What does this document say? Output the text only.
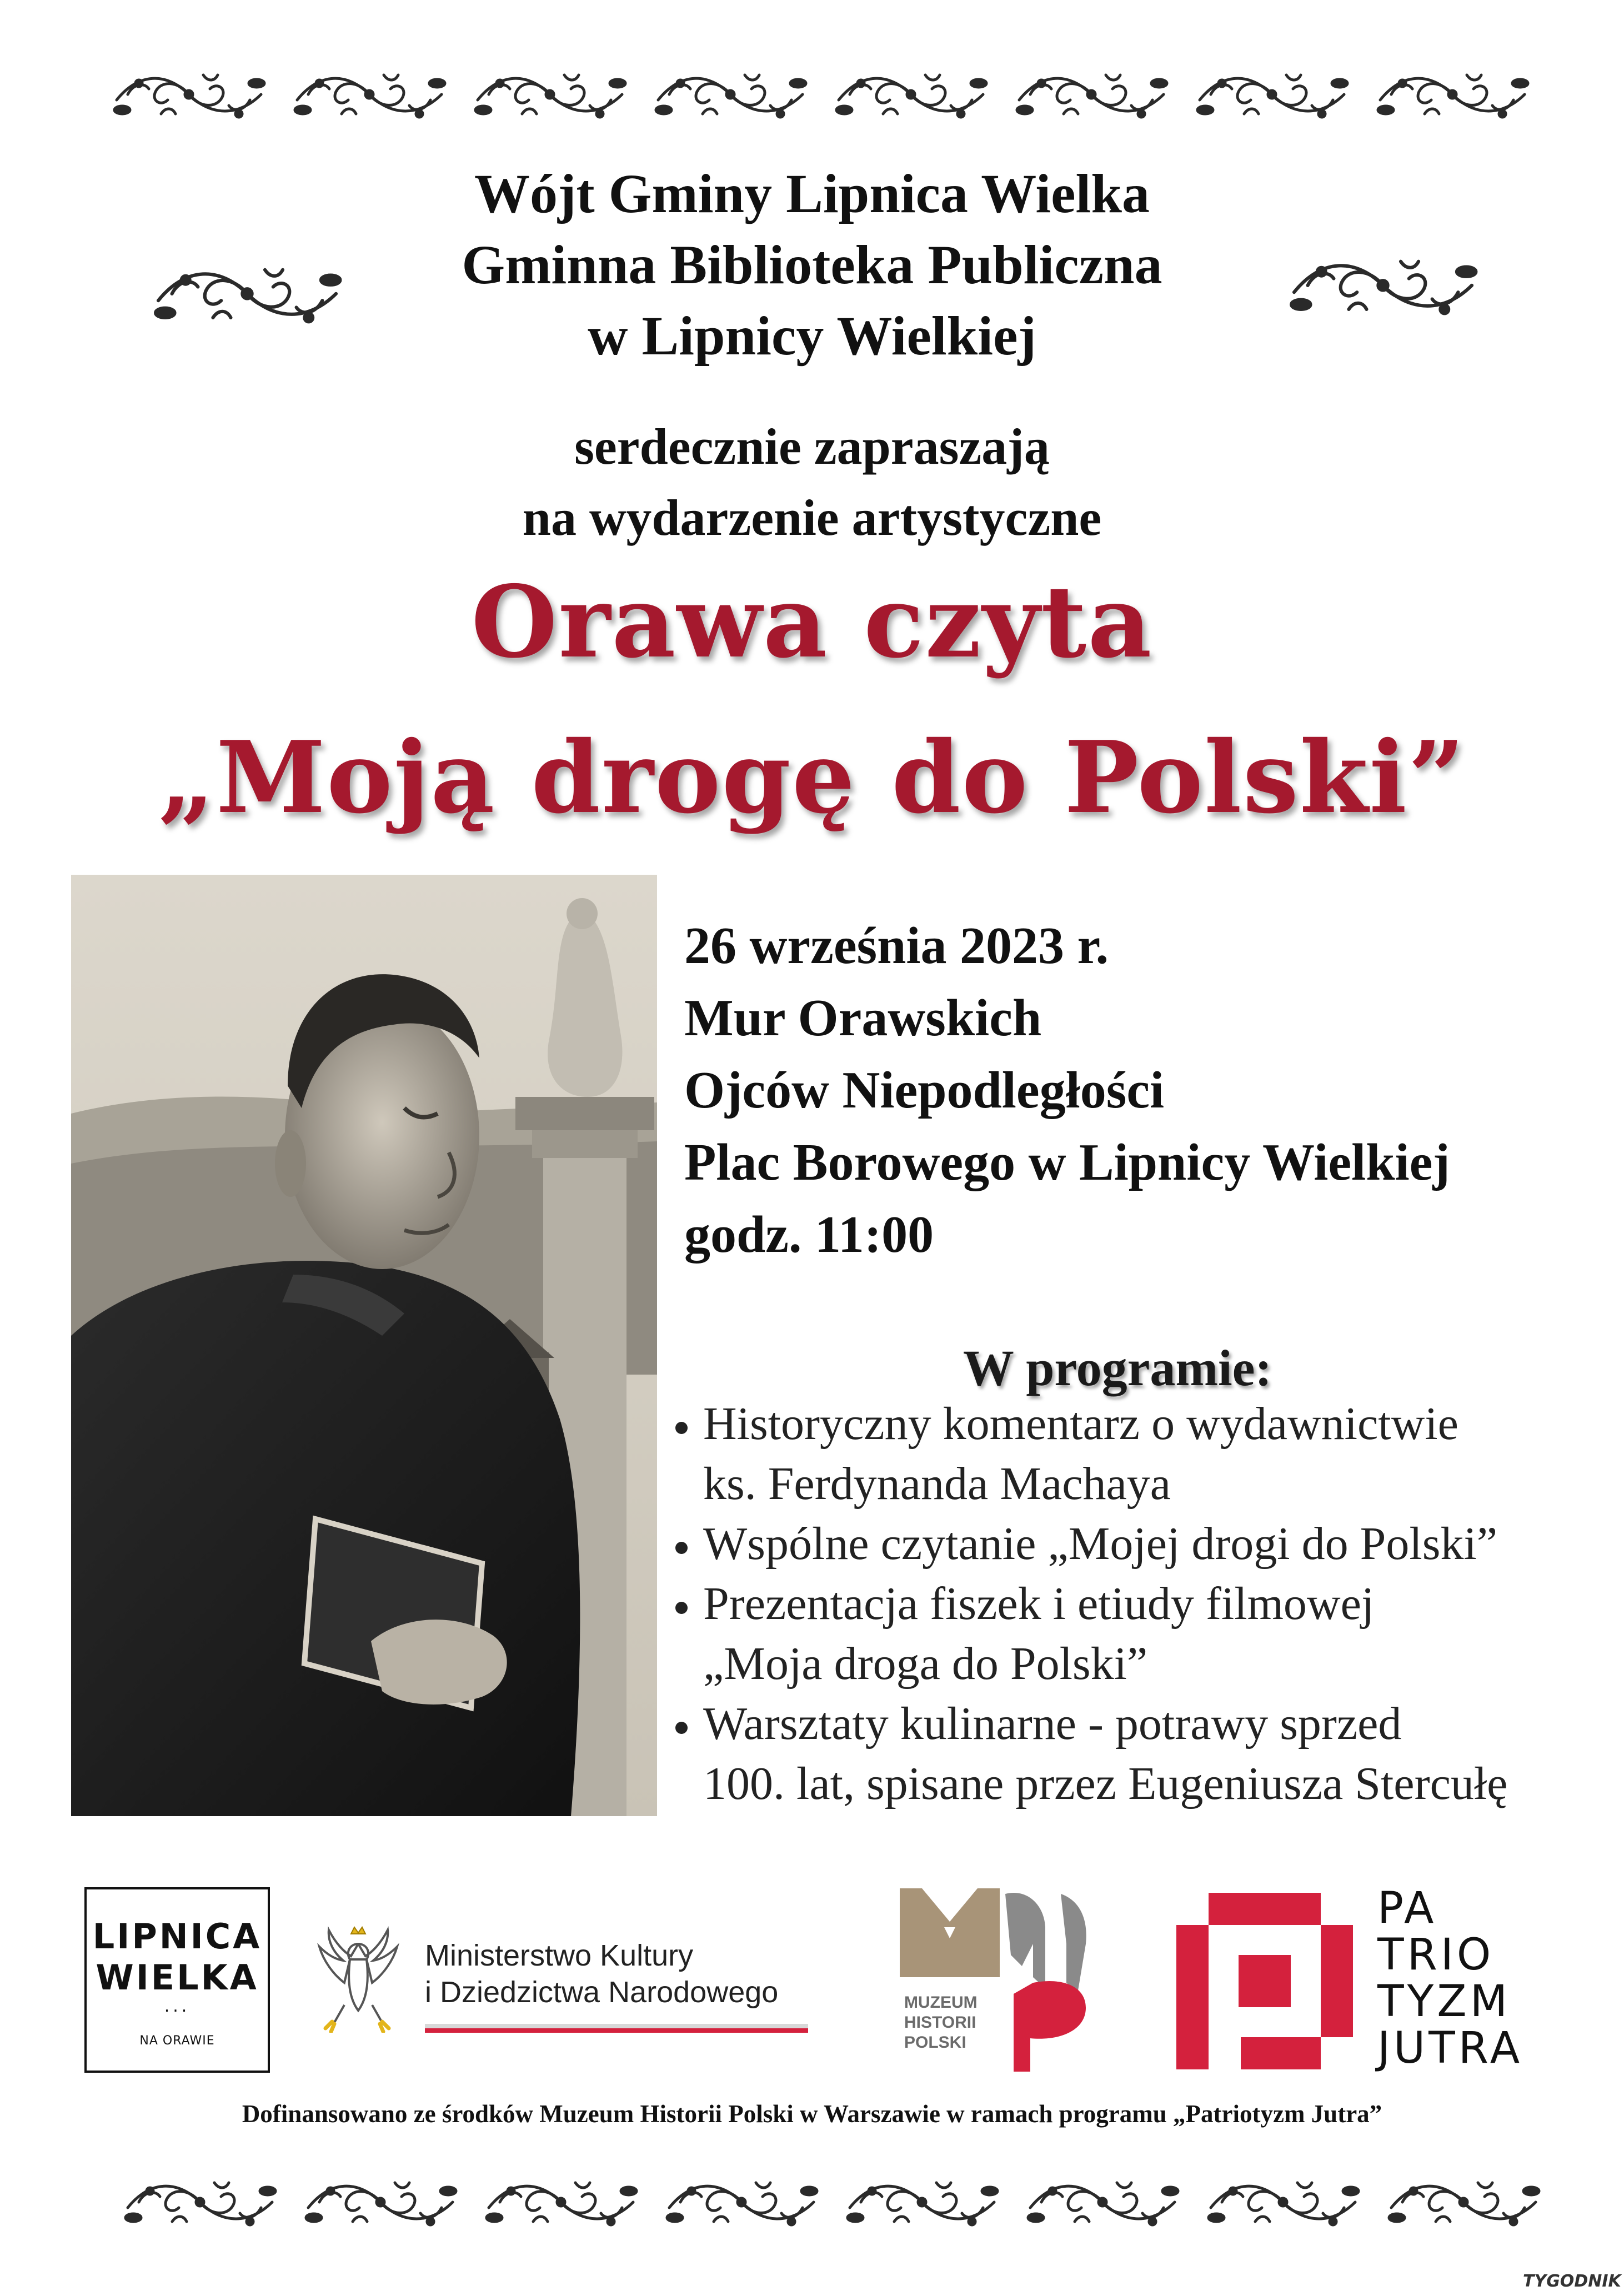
Wójt Gminy Lipnica Wielka
Gminna Biblioteka Publiczna
w Lipnicy Wielkiej
serdecznie zapraszają
na wydarzenie artystyczne
Orawa czyta
„Moją drogę do Polski”
26 września 2023 r.
Mur Orawskich
Ojców Niepodległości
Plac Borowego w Lipnicy Wielkiej
godz. 11:00
W programie:
Historyczny komentarz o wydawnictwie
ks. Ferdynanda Machaya
Wspólne czytanie „Mojej drogi do Polski”
Prezentacja fiszek i etiudy filmowej
„Moja droga do Polski”
Warsztaty kulinarne - potrawy sprzed
100. lat, spisane przez Eugeniusza Stercułę
LIPNICA
WIELKA
...
NA ORAWIE
Ministerstwo Kultury
i Dziedzictwa Narodowego	MUZEUM
HISTORII
POLSKI
PA
TRIO
TYZM
JUTRA
Dofinansowano ze środków Muzeum Historii Polski w Warszawie w ramach programu „Patriotyzm Jutra”
TYGODNIK
